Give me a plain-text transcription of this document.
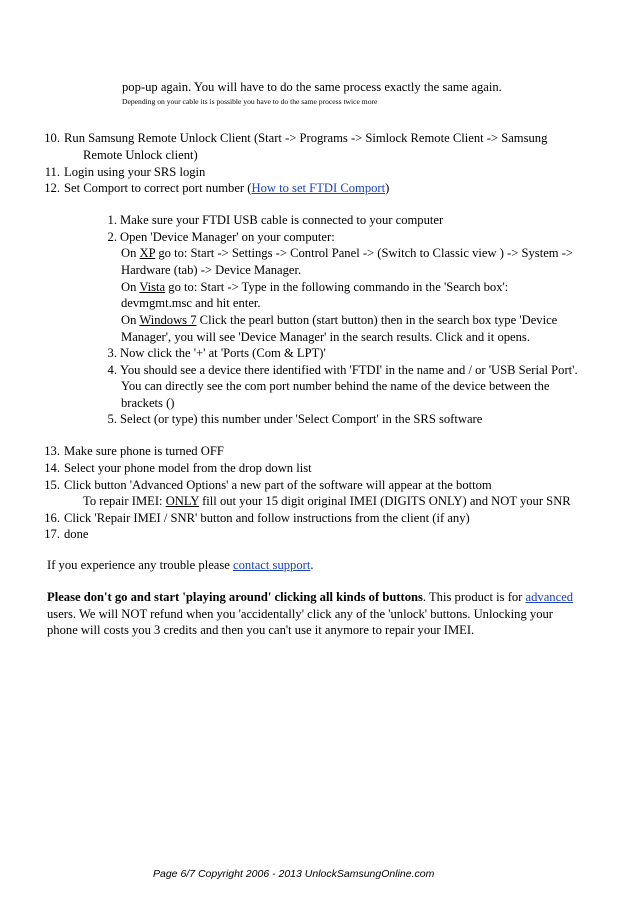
pop-up again. You will have to do the same process exactly the same again.
Depending on your cable its is possible you have to do the same process twice more
10. Run Samsung Remote Unlock Client (Start -> Programs -> Simlock Remote Client -> Samsung
Remote Unlock client)
11. Login using your SRS login
12. Set Comport to correct port number (How to set FTDI Comport)
1. Make sure your FTDI USB cable is connected to your computer
2. Open 'Device Manager' on your computer:
On XP go to: Start -> Settings -> Control Panel -> (Switch to Classic view ) -> System ->
Hardware (tab) -> Device Manager.
On Vista go to: Start -> Type in the following commando in the 'Search box':
devmgmt.msc and hit enter.
On Windows 7 Click the pearl button (start button) then in the search box type 'Device
Manager', you will see 'Device Manager' in the search results. Click and it opens.
3. Now click the '+' at 'Ports (Com & LPT)'
4. You should see a device there identified with 'FTDI' in the name and / or 'USB Serial Port'.
You can directly see the com port number behind the name of the device between the
brackets ()
5. Select (or type) this number under 'Select Comport' in the SRS software
13. Make sure phone is turned OFF
14. Select your phone model from the drop down list
15. Click button 'Advanced Options' a new part of the software will appear at the bottom
To repair IMEI: ONLY fill out your 15 digit original IMEI (DIGITS ONLY) and NOT your SNR
16. Click 'Repair IMEI / SNR' button and follow instructions from the client (if any)
17. done
If you experience any trouble please contact support.
Please don't go and start 'playing around' clicking all kinds of buttons. This product is for advanced
users. We will NOT refund when you 'accidentally' click any of the 'unlock' buttons. Unlocking your
phone will costs you 3 credits and then you can't use it anymore to repair your IMEI.
Page 6/7 Copyright 2006 - 2013 UnlockSamsungOnline.com
